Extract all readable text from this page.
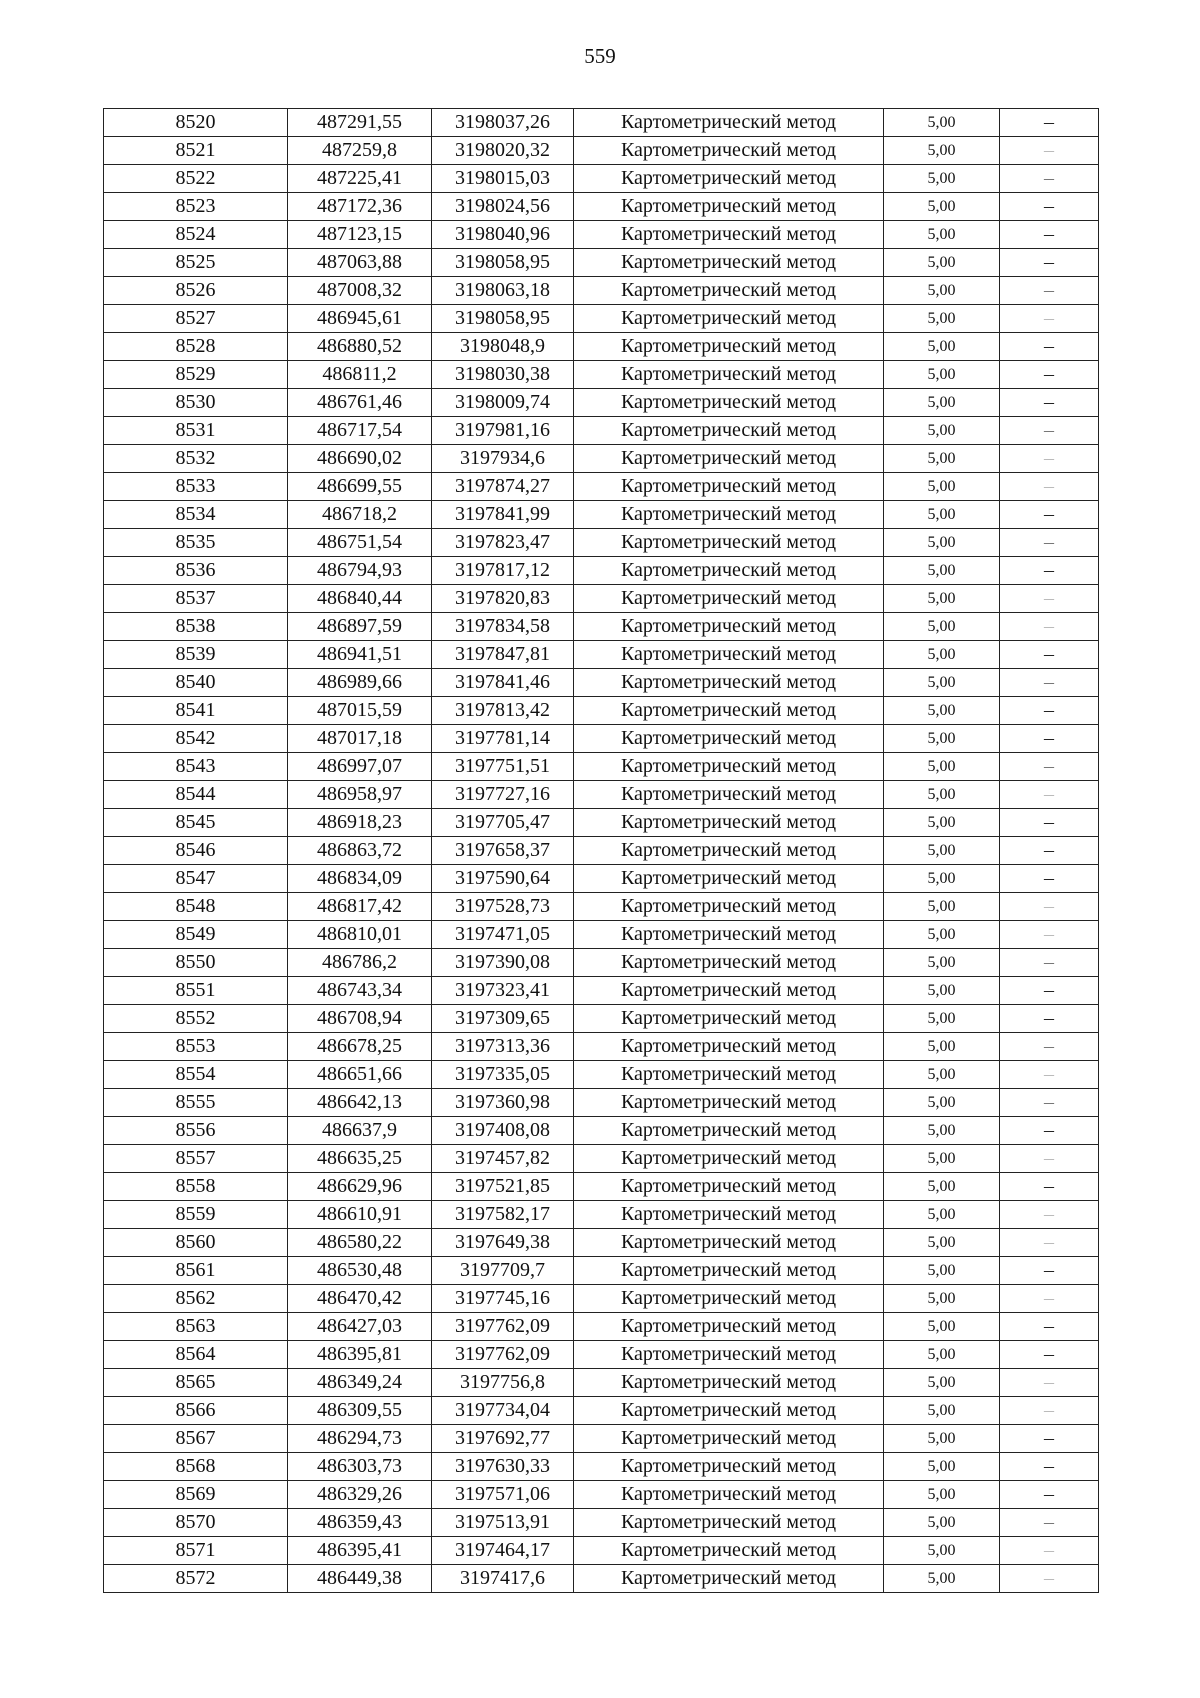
559
8520	487291,55	3198037,26	Картометрический метод	5,00	–
8521	487259,8	3198020,32	Картометрический метод	5,00	–
8522	487225,41	3198015,03	Картометрический метод	5,00	–
8523	487172,36	3198024,56	Картометрический метод	5,00	–
8524	487123,15	3198040,96	Картометрический метод	5,00	–
8525	487063,88	3198058,95	Картометрический метод	5,00	–
8526	487008,32	3198063,18	Картометрический метод	5,00	–
8527	486945,61	3198058,95	Картометрический метод	5,00	–
8528	486880,52	3198048,9	Картометрический метод	5,00	–
8529	486811,2	3198030,38	Картометрический метод	5,00	–
8530	486761,46	3198009,74	Картометрический метод	5,00	–
8531	486717,54	3197981,16	Картометрический метод	5,00	–
8532	486690,02	3197934,6	Картометрический метод	5,00	–
8533	486699,55	3197874,27	Картометрический метод	5,00	–
8534	486718,2	3197841,99	Картометрический метод	5,00	–
8535	486751,54	3197823,47	Картометрический метод	5,00	–
8536	486794,93	3197817,12	Картометрический метод	5,00	–
8537	486840,44	3197820,83	Картометрический метод	5,00	–
8538	486897,59	3197834,58	Картометрический метод	5,00	–
8539	486941,51	3197847,81	Картометрический метод	5,00	–
8540	486989,66	3197841,46	Картометрический метод	5,00	–
8541	487015,59	3197813,42	Картометрический метод	5,00	–
8542	487017,18	3197781,14	Картометрический метод	5,00	–
8543	486997,07	3197751,51	Картометрический метод	5,00	–
8544	486958,97	3197727,16	Картометрический метод	5,00	–
8545	486918,23	3197705,47	Картометрический метод	5,00	–
8546	486863,72	3197658,37	Картометрический метод	5,00	–
8547	486834,09	3197590,64	Картометрический метод	5,00	–
8548	486817,42	3197528,73	Картометрический метод	5,00	–
8549	486810,01	3197471,05	Картометрический метод	5,00	–
8550	486786,2	3197390,08	Картометрический метод	5,00	–
8551	486743,34	3197323,41	Картометрический метод	5,00	–
8552	486708,94	3197309,65	Картометрический метод	5,00	–
8553	486678,25	3197313,36	Картометрический метод	5,00	–
8554	486651,66	3197335,05	Картометрический метод	5,00	–
8555	486642,13	3197360,98	Картометрический метод	5,00	–
8556	486637,9	3197408,08	Картометрический метод	5,00	–
8557	486635,25	3197457,82	Картометрический метод	5,00	–
8558	486629,96	3197521,85	Картометрический метод	5,00	–
8559	486610,91	3197582,17	Картометрический метод	5,00	–
8560	486580,22	3197649,38	Картометрический метод	5,00	–
8561	486530,48	3197709,7	Картометрический метод	5,00	–
8562	486470,42	3197745,16	Картометрический метод	5,00	–
8563	486427,03	3197762,09	Картометрический метод	5,00	–
8564	486395,81	3197762,09	Картометрический метод	5,00	–
8565	486349,24	3197756,8	Картометрический метод	5,00	–
8566	486309,55	3197734,04	Картометрический метод	5,00	–
8567	486294,73	3197692,77	Картометрический метод	5,00	–
8568	486303,73	3197630,33	Картометрический метод	5,00	–
8569	486329,26	3197571,06	Картометрический метод	5,00	–
8570	486359,43	3197513,91	Картометрический метод	5,00	–
8571	486395,41	3197464,17	Картометрический метод	5,00	–
8572	486449,38	3197417,6	Картометрический метод	5,00	–
